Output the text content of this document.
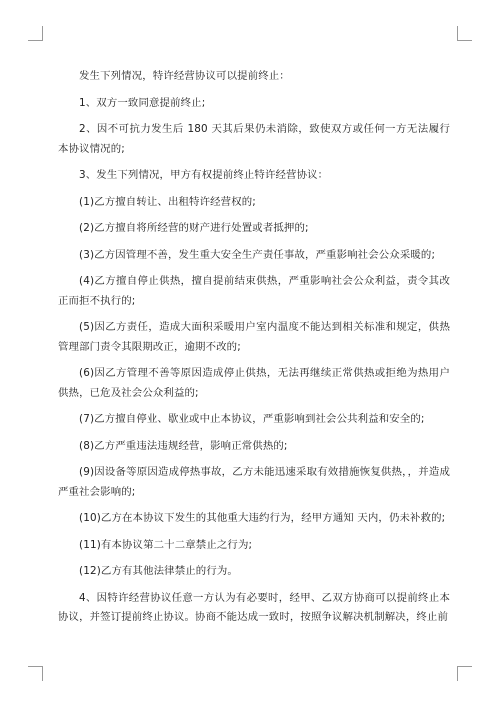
发生下列情况，特许经营协议可以提前终止：

1、双方一致同意提前终止;

2、因不可抗力发生后 180 天其后果仍未消除，致使双方或任何一方无法履行本协议情况的;

3、发生下列情况，甲方有权提前终止特许经营协议：

(1)乙方擅自转让、出租特许经营权的;

(2)乙方擅自将所经营的财产进行处置或者抵押的;

(3)乙方因管理不善，发生重大安全生产责任事故，严重影响社会公众采暖的;

(4)乙方擅自停止供热，擅自提前结束供热，严重影响社会公众利益，责令其改正而拒不执行的;

(5)因乙方责任，造成大面积采暖用户室内温度不能达到相关标准和规定，供热管理部门责令其限期改正，逾期不改的;

(6)因乙方管理不善等原因造成停止供热，无法再继续正常供热或拒绝为热用户供热，已危及社会公众利益的;

(7)乙方擅自停业、歇业或中止本协议，严重影响到社会公共利益和安全的;

(8)乙方严重违法违规经营，影响正常供热的;

(9)因设备等原因造成停热事故，乙方未能迅速采取有效措施恢复供热，，并造成严重社会影响的;

(10)乙方在本协议下发生的其他重大违约行为，经甲方通知 天内，仍未补救的;

(11)有本协议第二十二章禁止之行为;

(12)乙方有其他法律禁止的行为。

4、因特许经营协议任意一方认为有必要时，经甲、乙双方协商可以提前终止本协议，并签订提前终止协议。协商不能达成一致时，按照争议解决机制解决，终止前
